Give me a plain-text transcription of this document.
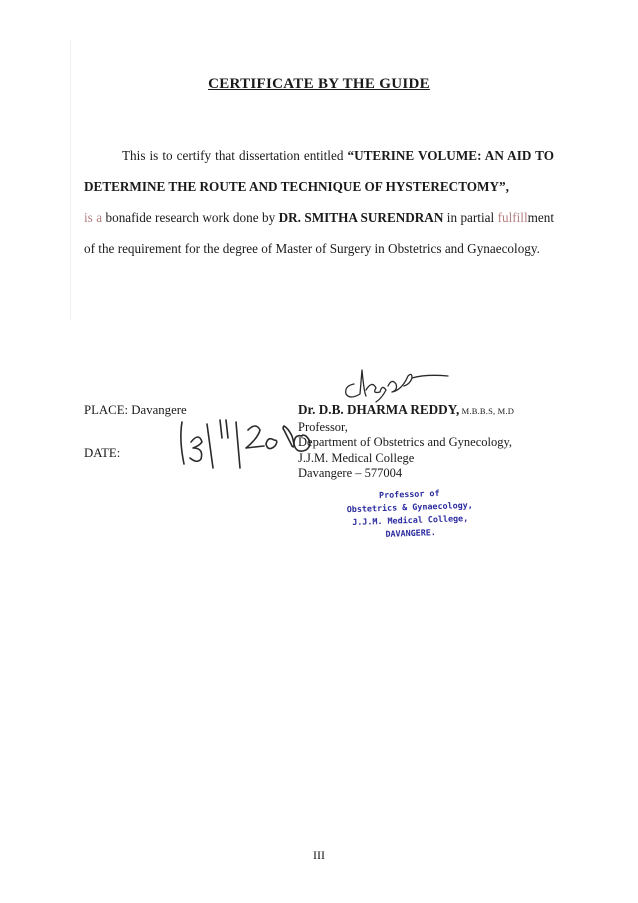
CERTIFICATE BY THE GUIDE

This is to certify that dissertation entitled “UTERINE VOLUME: AN AID TO DETERMINE THE ROUTE AND TECHNIQUE OF HYSTERECTOMY”,

is a bonafide research work done by DR. SMITHA SURENDRAN in partial fulfillment of the requirement for the degree of Master of Surgery in Obstetrics and Gynaecology.
PLACE: Davangere
DATE:
Dr. D.B. DHARMA REDDY, M.B.B.S, M.D
Professor,
Department of Obstetrics and Gynecology,
J.J.M. Medical College
Davangere – 577004
Professor of
Obstetrics & Gynaecology,
J.J.M. Medical College,
DAVANGERE.
III
